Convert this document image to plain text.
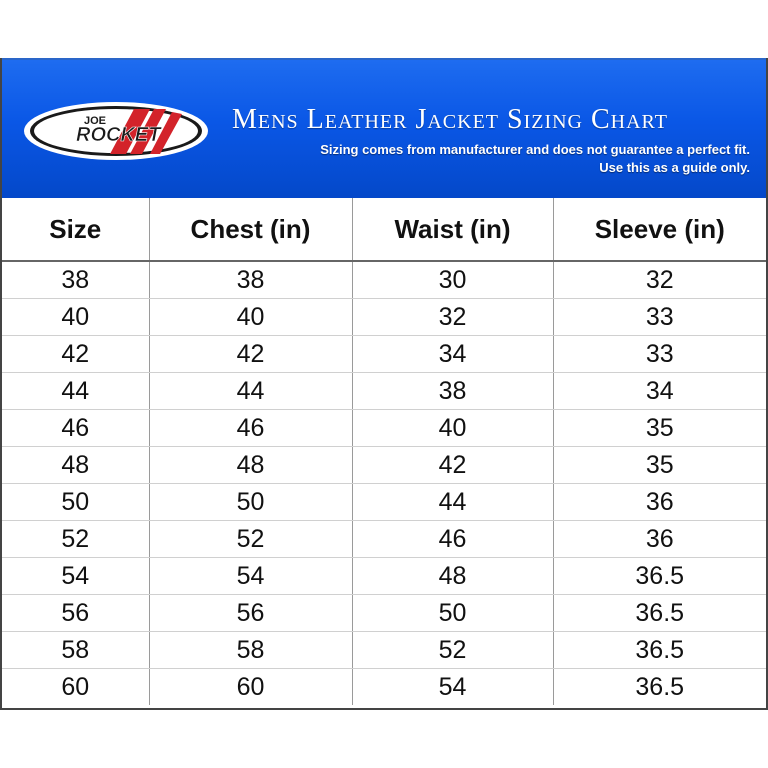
JOE
ROCKET	Mens Leather Jacket Sizing Chart
Sizing comes from manufacturer and does not guarantee a perfect fit.
Use this as a guide only.
Size	Chest (in)	Waist (in)	Sleeve (in)
38	38	30	32
40	40	32	33
42	42	34	33
44	44	38	34
46	46	40	35
48	48	42	35
50	50	44	36
52	52	46	36
54	54	48	36.5
56	56	50	36.5
58	58	52	36.5
60	60	54	36.5
